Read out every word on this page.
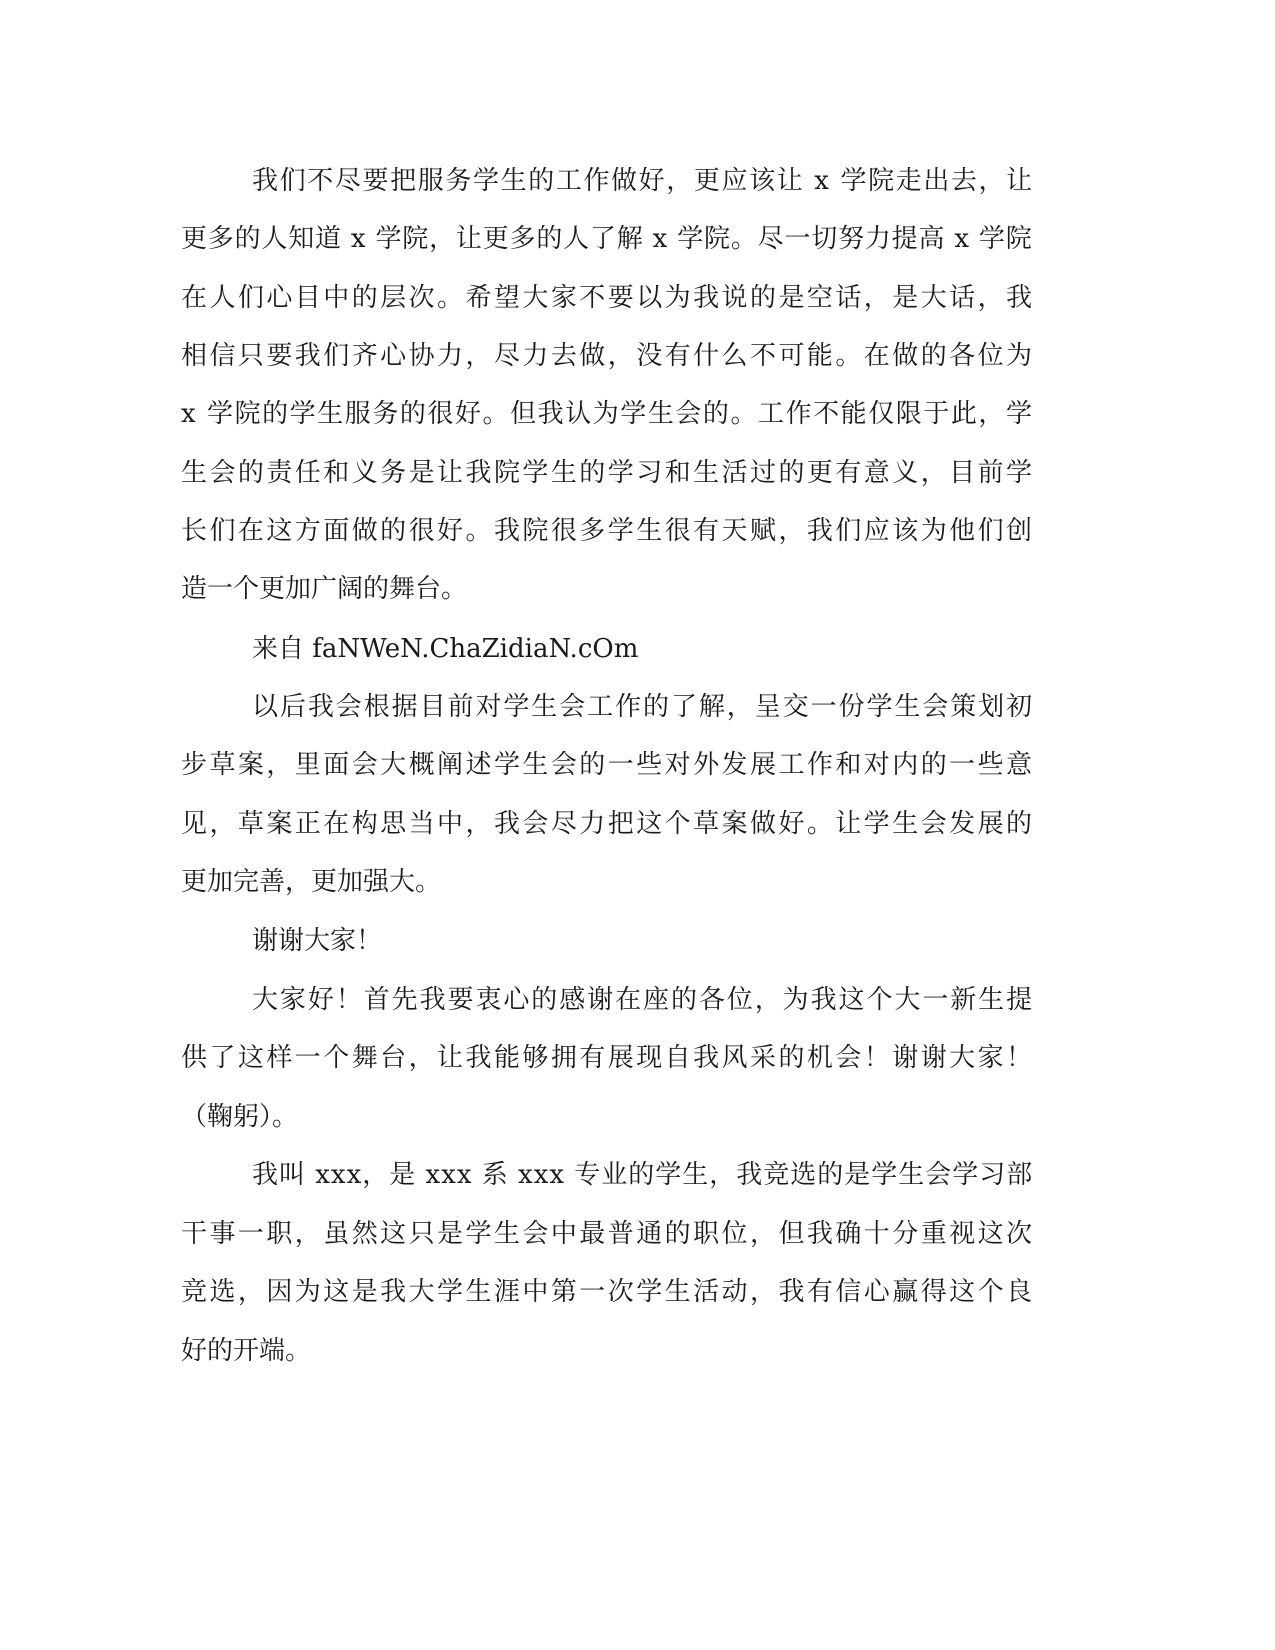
我们不尽要把服务学生的工作做好，更应该让 x 学院走出去，让
更多的人知道 x 学院，让更多的人了解 x 学院。尽一切努力提高 x 学院
在人们心目中的层次。希望大家不要以为我说的是空话，是大话，我
相信只要我们齐心协力，尽力去做，没有什么不可能。在做的各位为
x 学院的学生服务的很好。但我认为学生会的。工作不能仅限于此，学
生会的责任和义务是让我院学生的学习和生活过的更有意义，目前学
长们在这方面做的很好。我院很多学生很有天赋，我们应该为他们创
造一个更加广阔的舞台。
来自 faNWeN.ChaZidiaN.cOm
以后我会根据目前对学生会工作的了解，呈交一份学生会策划初
步草案，里面会大概阐述学生会的一些对外发展工作和对内的一些意
见，草案正在构思当中，我会尽力把这个草案做好。让学生会发展的
更加完善，更加强大。
谢谢大家！
大家好！首先我要衷心的感谢在座的各位，为我这个大一新生提
供了这样一个舞台，让我能够拥有展现自我风采的机会！谢谢大家！
（鞠躬）。
我叫 xxx，是 xxx 系 xxx 专业的学生，我竞选的是学生会学习部
干事一职，虽然这只是学生会中最普通的职位，但我确十分重视这次
竞选，因为这是我大学生涯中第一次学生活动，我有信心赢得这个良
好的开端。
